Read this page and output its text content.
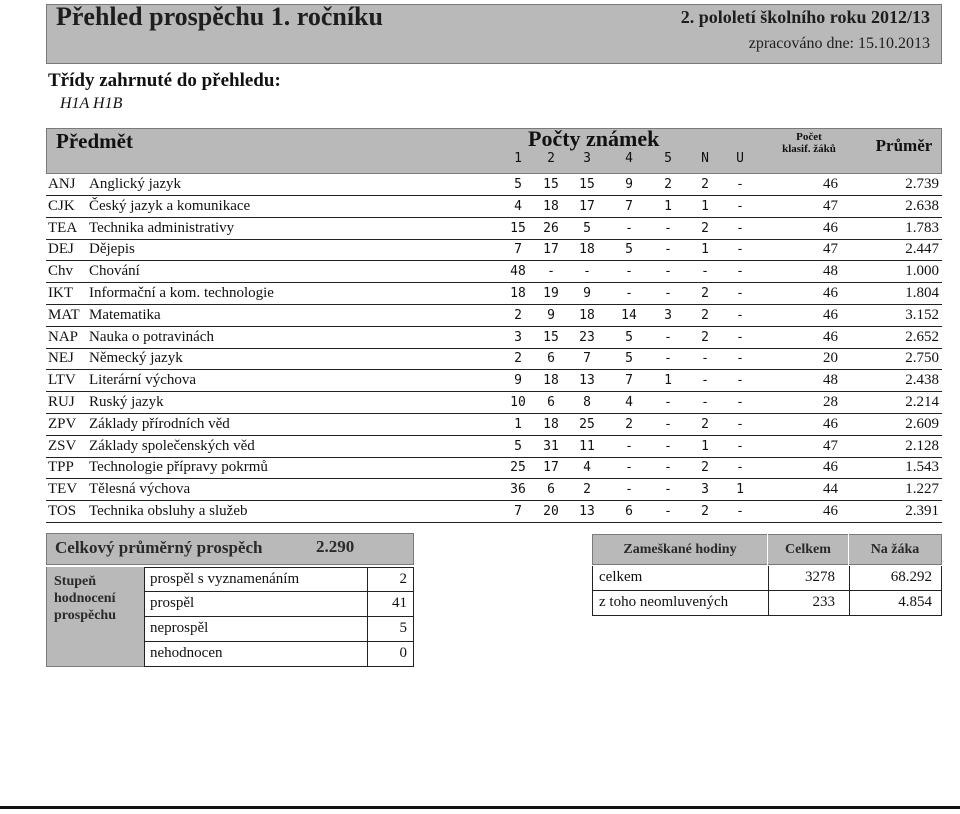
Přehled prospěchu 1. ročníku	2. pololetí školního roku 2012/13
zpracováno dne: 15.10.2013
Třídy zahrnuté do přehledu:
H1A H1B
Předmět	Počty známek
1	2	3	4	5	N	U
Počet
klasif. žáků	Průměr
ANJ Anglický jazyk	5	15	15	9	2	2	-	46	2.739
CJK Český jazyk a komunikace	4	18	17	7	1	1	-	47	2.638
TEA Technika administrativy	15	26	5	-	-	2	-	46	1.783
DEJ Dějepis	7	17	18	5	-	1	-	47	2.447
Chv Chování	48	-	-	-	-	-	-	48	1.000
IKT Informační a kom. technologie	18	19	9	-	-	2	-	46	1.804
MAT Matematika	2	9	18	14	3	2	-	46	3.152
NAP Nauka o potravinách	3	15	23	5	-	2	-	46	2.652
NEJ Německý jazyk	2	6	7	5	-	-	-	20	2.750
LTV Literární výchova	9	18	13	7	1	-	-	48	2.438
RUJ Ruský jazyk	10	6	8	4	-	-	-	28	2.214
ZPV Základy přírodních věd	1	18	25	2	-	2	-	46	2.609
ZSV Základy společenských věd	5	31	11	-	-	1	-	47	2.128
TPP Technologie přípravy pokrmů	25	17	4	-	-	2	-	46	1.543
TEV Tělesná výchova	36	6	2	-	-	3	1	44	1.227
TOS Technika obsluhy a služeb	7	20	13	6	-	2	-	46	2.391
Celkový průměrný prospěch	2.290
Stupeň
hodnocení
prospěchu
prospěl s vyznamenáním	2
prospěl	41
neprospěl	5
nehodnocen	0
Zameškané hodiny	Celkem	Na žáka
celkem	3278	68.292
z toho neomluvených	233	4.854
